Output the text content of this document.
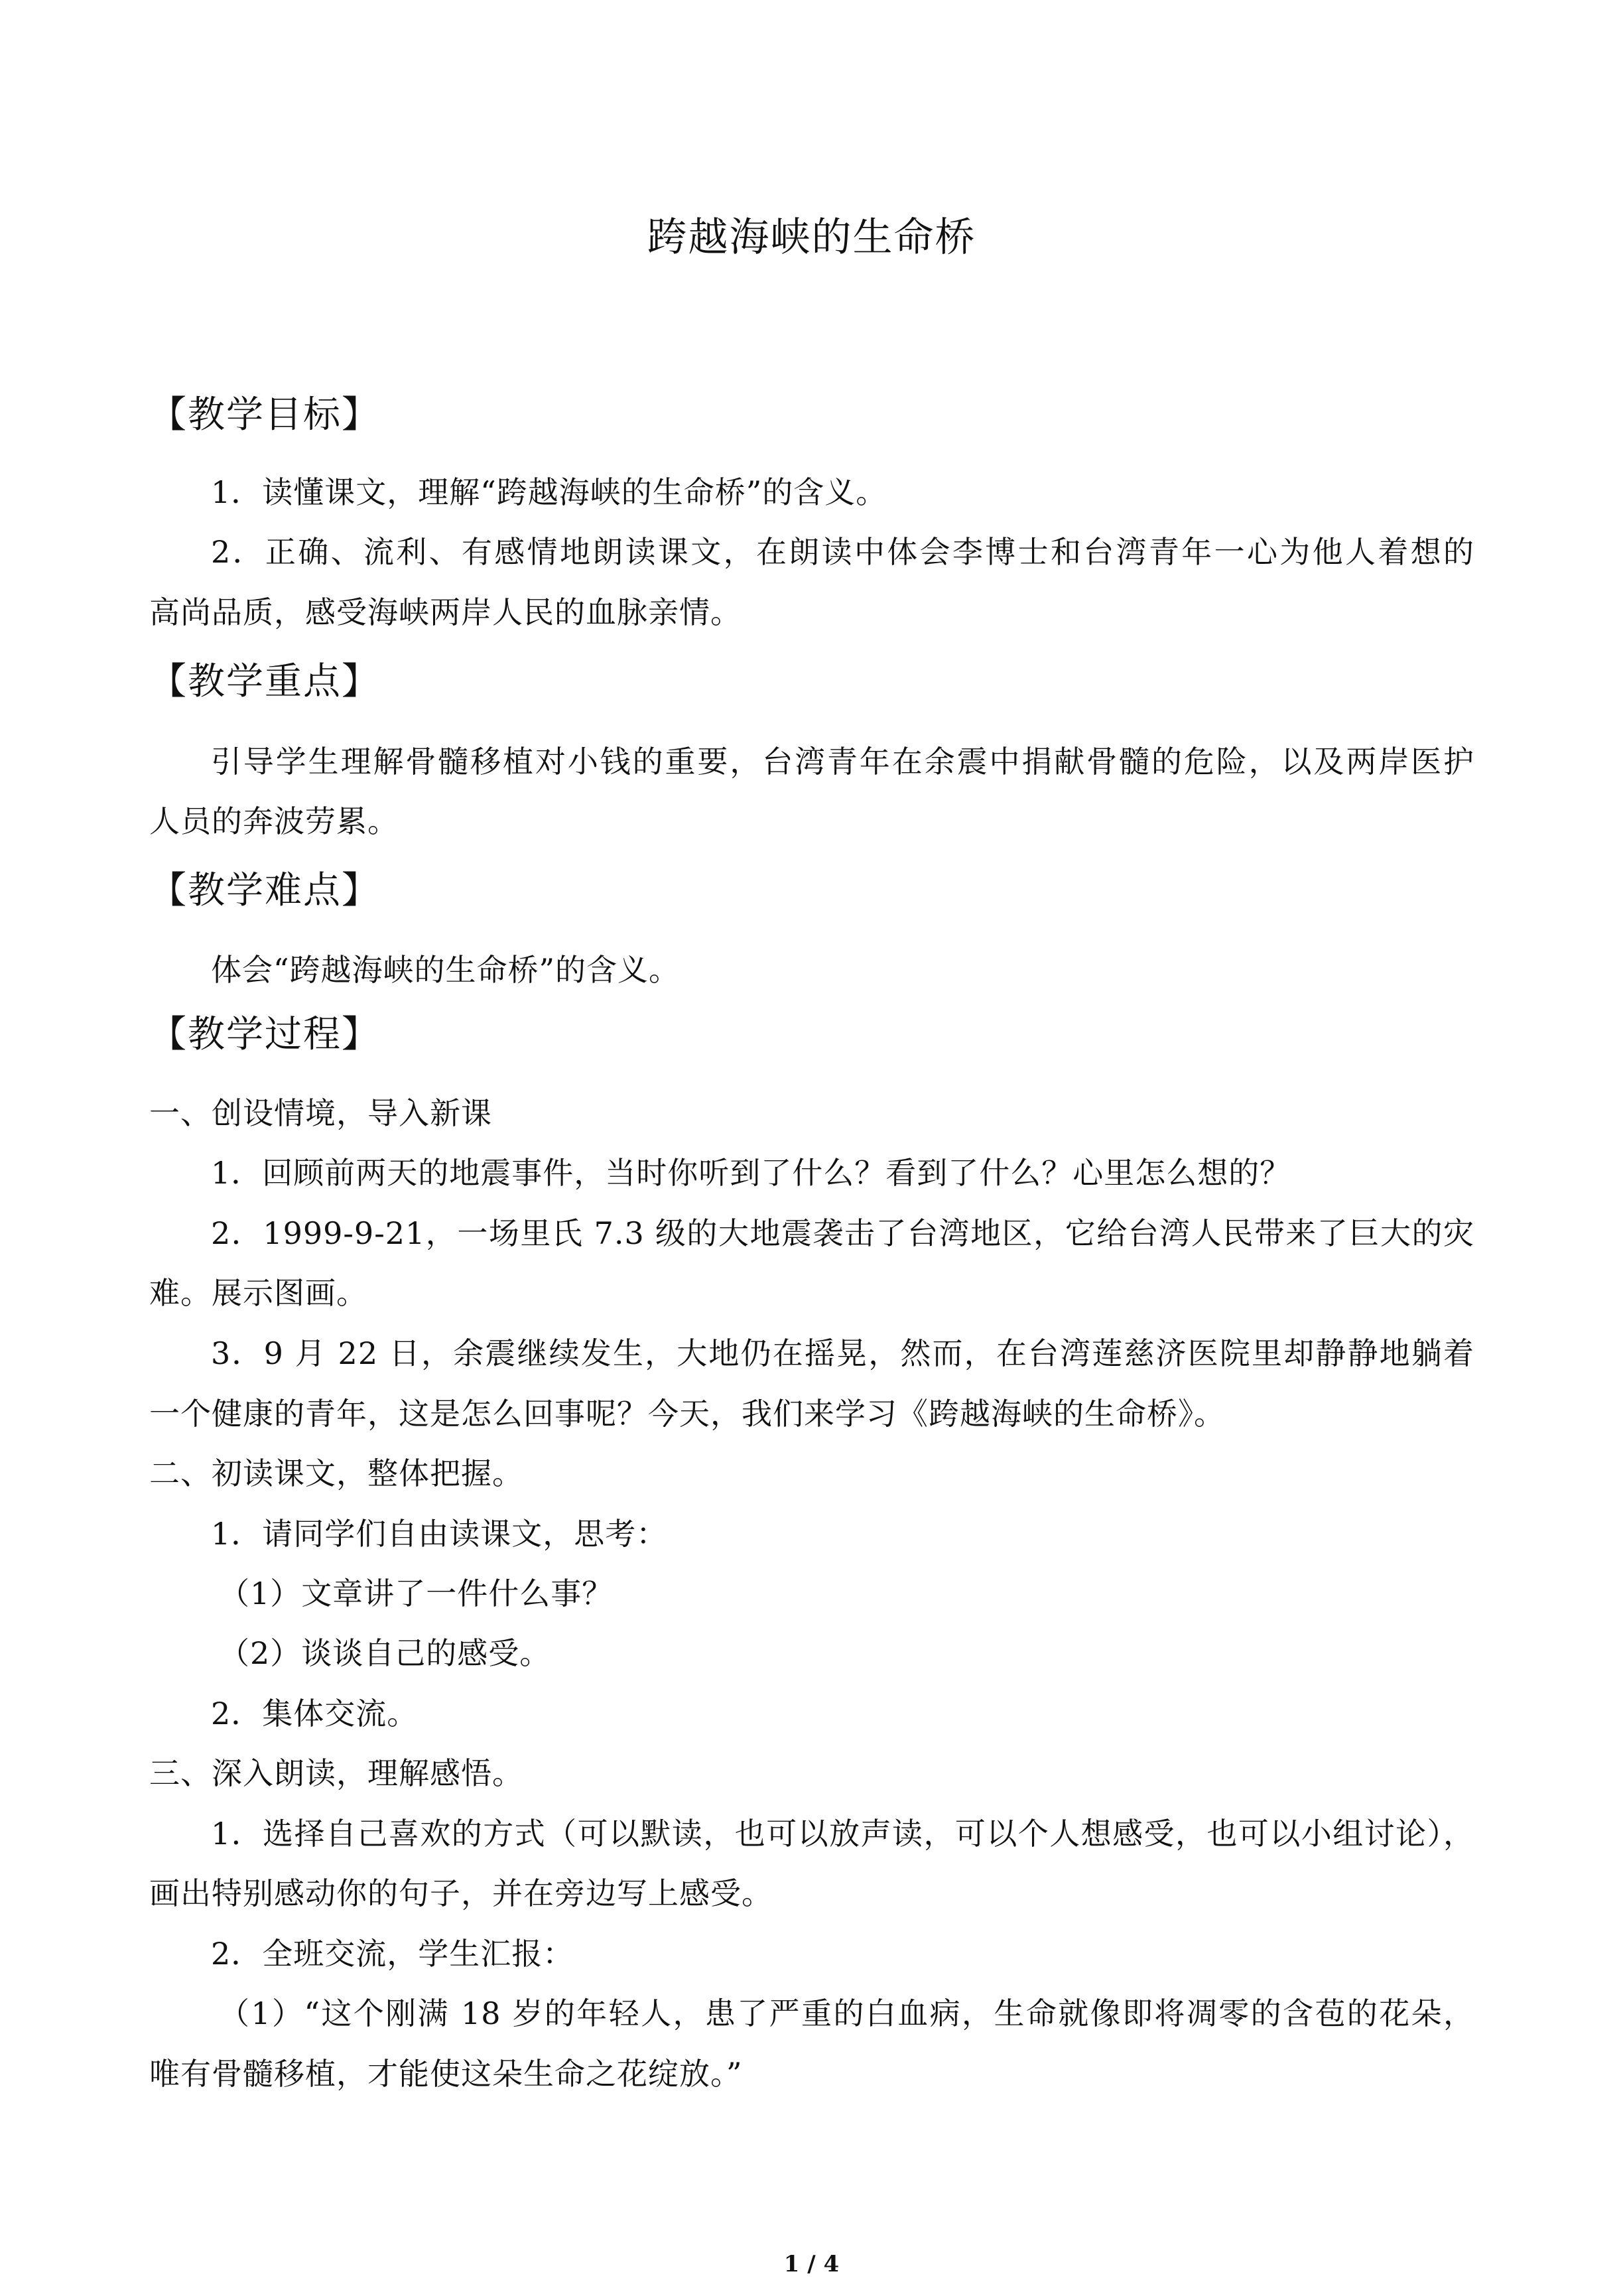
跨越海峡的生命桥
【教学目标】
1．读懂课文，理解“跨越海峡的生命桥”的含义。
2．正确、流利、有感情地朗读课文，在朗读中体会李博士和台湾青年一心为他人着想的
高尚品质，感受海峡两岸人民的血脉亲情。
【教学重点】
引导学生理解骨髓移植对小钱的重要，台湾青年在余震中捐献骨髓的危险，以及两岸医护
人员的奔波劳累。
【教学难点】
体会“跨越海峡的生命桥”的含义。
【教学过程】
一、创设情境，导入新课
1．回顾前两天的地震事件，当时你听到了什么？看到了什么？心里怎么想的？
2．1999-9-21，一场里氏 7.3 级的大地震袭击了台湾地区，它给台湾人民带来了巨大的灾
难。展示图画。
3．9 月 22 日，余震继续发生，大地仍在摇晃，然而，在台湾莲慈济医院里却静静地躺着
一个健康的青年，这是怎么回事呢？今天，我们来学习《跨越海峡的生命桥》。
二、初读课文，整体把握。
1．请同学们自由读课文，思考：
（1）文章讲了一件什么事？
（2）谈谈自己的感受。
2．集体交流。
三、深入朗读，理解感悟。
1．选择自己喜欢的方式（可以默读，也可以放声读，可以个人想感受，也可以小组讨论），
画出特别感动你的句子，并在旁边写上感受。
2．全班交流，学生汇报：
（1）“这个刚满 18 岁的年轻人，患了严重的白血病，生命就像即将凋零的含苞的花朵，
唯有骨髓移植，才能使这朵生命之花绽放。”
1 / 4
